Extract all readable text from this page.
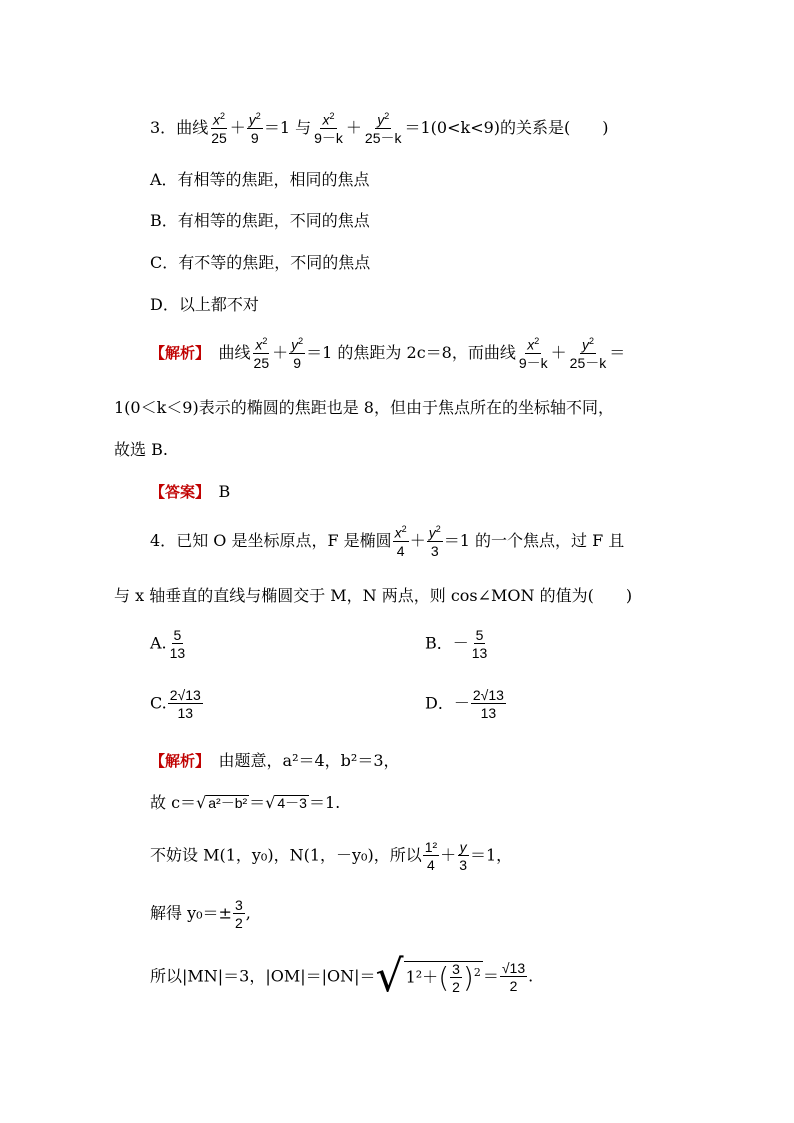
3．曲线 $\frac{x^2}{25} + \frac{y^2}{9} =1$ 与 $\frac{x^2}{9-k} + \frac{y^2}{25-k} =1(0<k<9)$的关系是(　　)
A．有相等的焦距，相同的焦点
B．有相等的焦距，不同的焦点
C．有不等的焦距，不同的焦点
D．以上都不对
【解析】　 曲线 $\frac{x^2}{25} + \frac{y^2}{9} =1$ 的焦距为 2c＝8，而曲线 $\frac{x^2}{9-k} + \frac{y^2}{25-k}$ ＝
1(0＜k＜9)表示的椭圆的焦距也是 8，但由于焦点所在的坐标轴不同，
故选 B.
【答案】　 B
4．已知 O 是坐标原点，F 是椭圆 $\frac{x^2}{4} + \frac{y^2}{3} =1$ 的一个焦点，过 F 且
与 x 轴垂直的直线与椭圆交于 M，N 两点，则 cos∠MON 的值为(　　)
A. $\frac{5}{13}$	B．－ $\frac{5}{13}$
C. $\frac{2√13}{13}$	D．－ $\frac{2√13}{13}$
【解析】　 由题意，a²＝4，b²＝3，
故 c＝√ a²－b² ＝√ 4－3 ＝1.
不妨设 M(1，y₀)，N(1，－y₀)，所以 $\frac{\text{1²}}{4} + \frac{y}{3} =1$，
解得 $y_0=\pm \frac{3}{2}$ ,
所以|MN|＝3，|OM|＝|ON|＝√ $1^2+( \frac{3}{2} )^2 = \frac{√13}{2}$ .
